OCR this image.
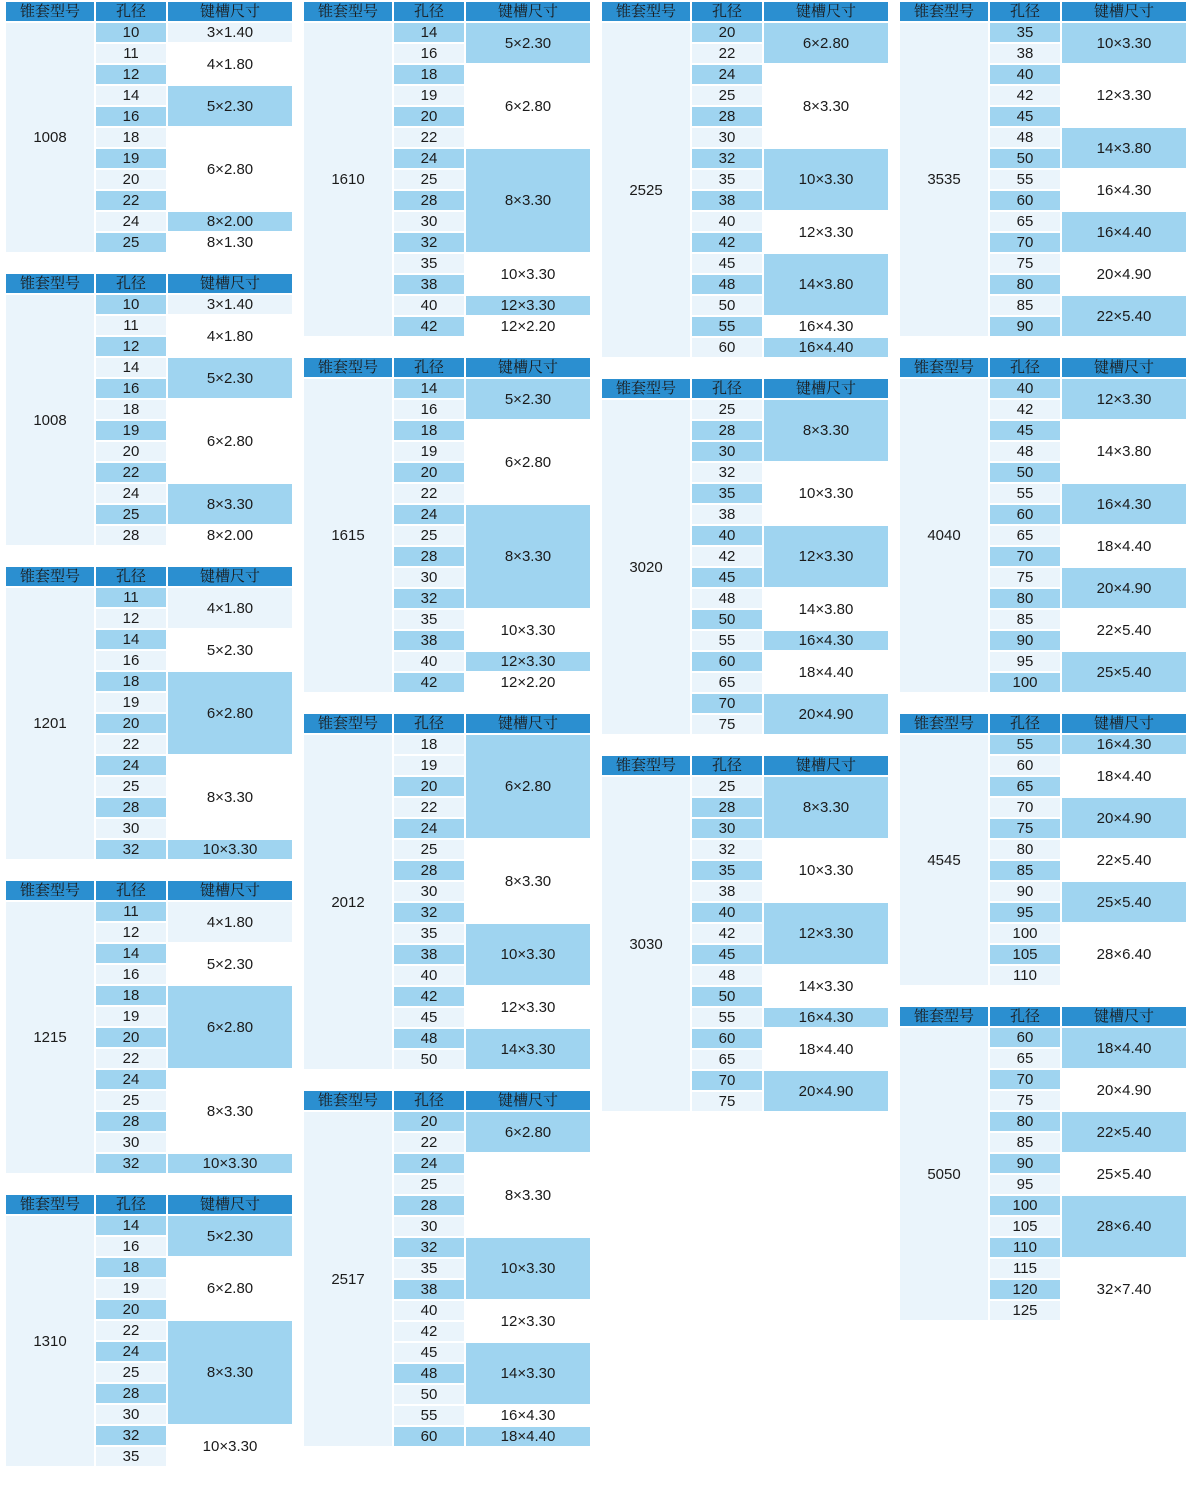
锥套型号	孔径	键槽尺寸
1008	10	3×1.40
	11	4×1.80
	12	
	14	5×2.30
	16	
	18	6×2.80
	19	
	20	
	22	
	24	8×2.00
	25	8×1.30
锥套型号	孔径	键槽尺寸
1008	10	3×1.40
	11	4×1.80
	12	
	14	5×2.30
	16	
	18	6×2.80
	19	
	20	
	22	
	24	8×3.30
	25	
	28	8×2.00
锥套型号	孔径	键槽尺寸
1201	11	4×1.80
	12	
	14	5×2.30
	16	
	18	6×2.80
	19	
	20	
	22	
	24	8×3.30
	25	
	28	
	30	
	32	10×3.30
锥套型号	孔径	键槽尺寸
1215	11	4×1.80
	12	
	14	5×2.30
	16	
	18	6×2.80
	19	
	20	
	22	
	24	8×3.30
	25	
	28	
	30	
	32	10×3.30
锥套型号	孔径	键槽尺寸
1310	14	5×2.30
	16	
	18	6×2.80
	19	
	20	
	22	8×3.30
	24	
	25	
	28	
	30	
	32	10×3.30
	35	
锥套型号	孔径	键槽尺寸
1610	14	5×2.30
	16	
	18	6×2.80
	19	
	20	
	22	
	24	8×3.30
	25	
	28	
	30	
	32	
	35	10×3.30
	38	
	40	12×3.30
	42	12×2.20
锥套型号	孔径	键槽尺寸
1615	14	5×2.30
	16	
	18	6×2.80
	19	
	20	
	22	
	24	8×3.30
	25	
	28	
	30	
	32	
	35	10×3.30
	38	
	40	12×3.30
	42	12×2.20
锥套型号	孔径	键槽尺寸
2012	18	6×2.80
	19	
	20	
	22	
	24	
	25	8×3.30
	28	
	30	
	32	
	35	10×3.30
	38	
	40	
	42	12×3.30
	45	
	48	14×3.30
	50	
锥套型号	孔径	键槽尺寸
2517	20	6×2.80
	22	
	24	8×3.30
	25	
	28	
	30	
	32	10×3.30
	35	
	38	
	40	12×3.30
	42	
	45	14×3.30
	48	
	50	
	55	16×4.30
	60	18×4.40
锥套型号	孔径	键槽尺寸
2525	20	6×2.80
	22	
	24	8×3.30
	25	
	28	
	30	
	32	10×3.30
	35	
	38	
	40	12×3.30
	42	
	45	14×3.80
	48	
	50	
	55	16×4.30
	60	16×4.40
锥套型号	孔径	键槽尺寸
3020	25	8×3.30
	28	
	30	
	32	10×3.30
	35	
	38	
	40	12×3.30
	42	
	45	
	48	14×3.80
	50	
	55	16×4.30
	60	18×4.40
	65	
	70	20×4.90
	75	
锥套型号	孔径	键槽尺寸
3030	25	8×3.30
	28	
	30	
	32	10×3.30
	35	
	38	
	40	12×3.30
	42	
	45	
	48	14×3.30
	50	
	55	16×4.30
	60	18×4.40
	65	
	70	20×4.90
	75	
锥套型号	孔径	键槽尺寸
3535	35	10×3.30
	38	
	40	12×3.30
	42	
	45	
	48	14×3.80
	50	
	55	16×4.30
	60	
	65	16×4.40
	70	
	75	20×4.90
	80	
	85	22×5.40
	90	
锥套型号	孔径	键槽尺寸
4040	40	12×3.30
	42	
	45	14×3.80
	48	
	50	
	55	16×4.30
	60	
	65	18×4.40
	70	
	75	20×4.90
	80	
	85	22×5.40
	90	
	95	25×5.40
	100	
锥套型号	孔径	键槽尺寸
4545	55	16×4.30
	60	18×4.40
	65	
	70	20×4.90
	75	
	80	22×5.40
	85	
	90	25×5.40
	95	
	100	28×6.40
	105	
	110	
锥套型号	孔径	键槽尺寸
5050	60	18×4.40
	65	
	70	20×4.90
	75	
	80	22×5.40
	85	
	90	25×5.40
	95	
	100	28×6.40
	105	
	110	
	115	32×7.40
	120	
	125	
